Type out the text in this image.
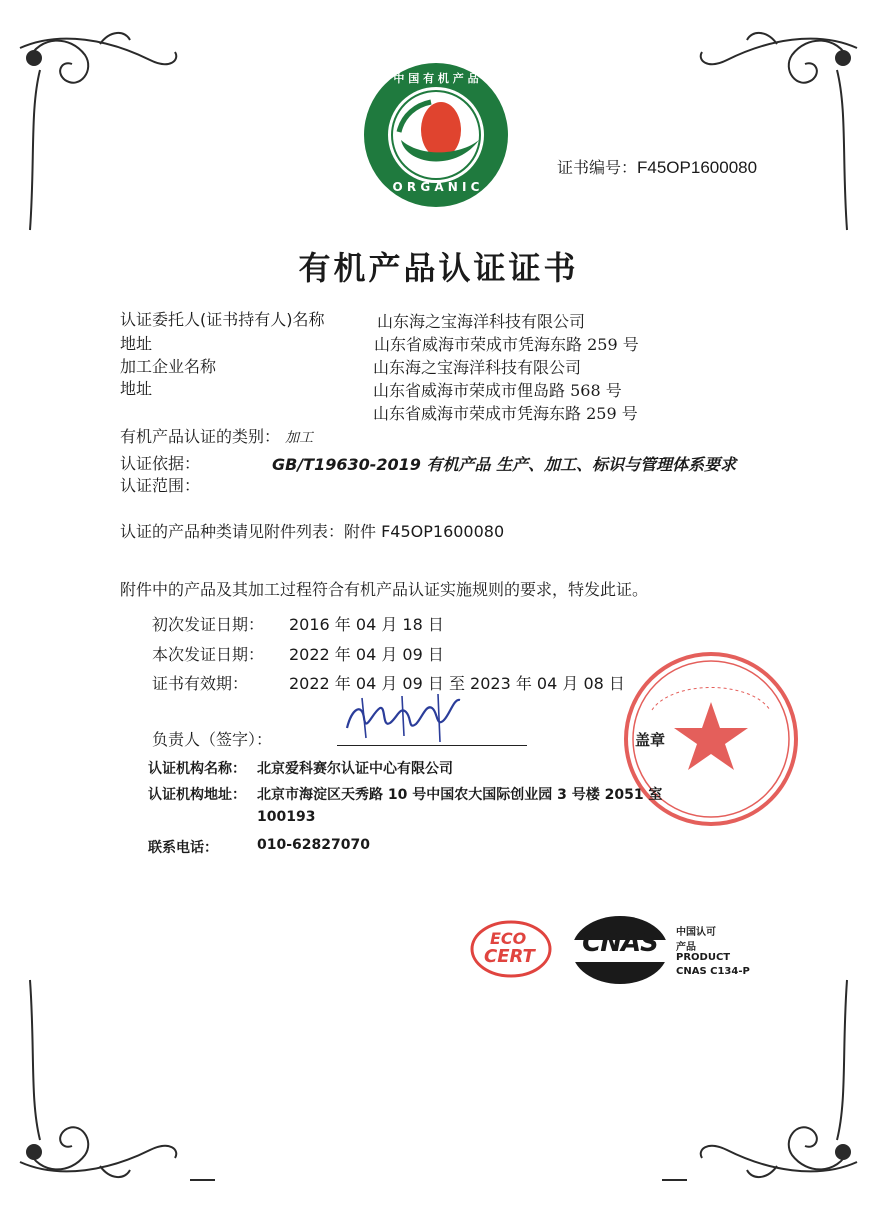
中 国 有 机 产 品
O R G A N I C
证书编号：F45OP1600080
有机产品认证证书
认证委托人(证书持有人)名称	山东海之宝海洋科技有限公司
地址	山东省威海市荣成市凭海东路 259 号
加工企业名称	山东海之宝海洋科技有限公司
地址	山东省威海市荣成市俚岛路 568 号
山东省威海市荣成市凭海东路 259 号
有机产品认证的类别： 加工
认证依据：	GB/T19630-2019 有机产品 生产、加工、标识与管理体系要求
认证范围：
认证的产品种类请见附件列表：附件 F45OP1600080
附件中的产品及其加工过程符合有机产品认证实施规则的要求，特发此证。
初次发证日期： 2016 年 04 月 18 日
本次发证日期： 2022 年 04 月 09 日
证书有效期：	2022 年 04 月 09 日 至 2023 年 04 月 08 日
负责人（签字）：	盖章
认证机构名称： 北京爱科赛尔认证中心有限公司
认证机构地址： 北京市海淀区天秀路 10 号中国农大国际创业园 3 号楼 2051 室
100193
联系电话：	010-62827070
ECO
CERT	CNAS	中国认可
产品
PRODUCT
CNAS C134-P
